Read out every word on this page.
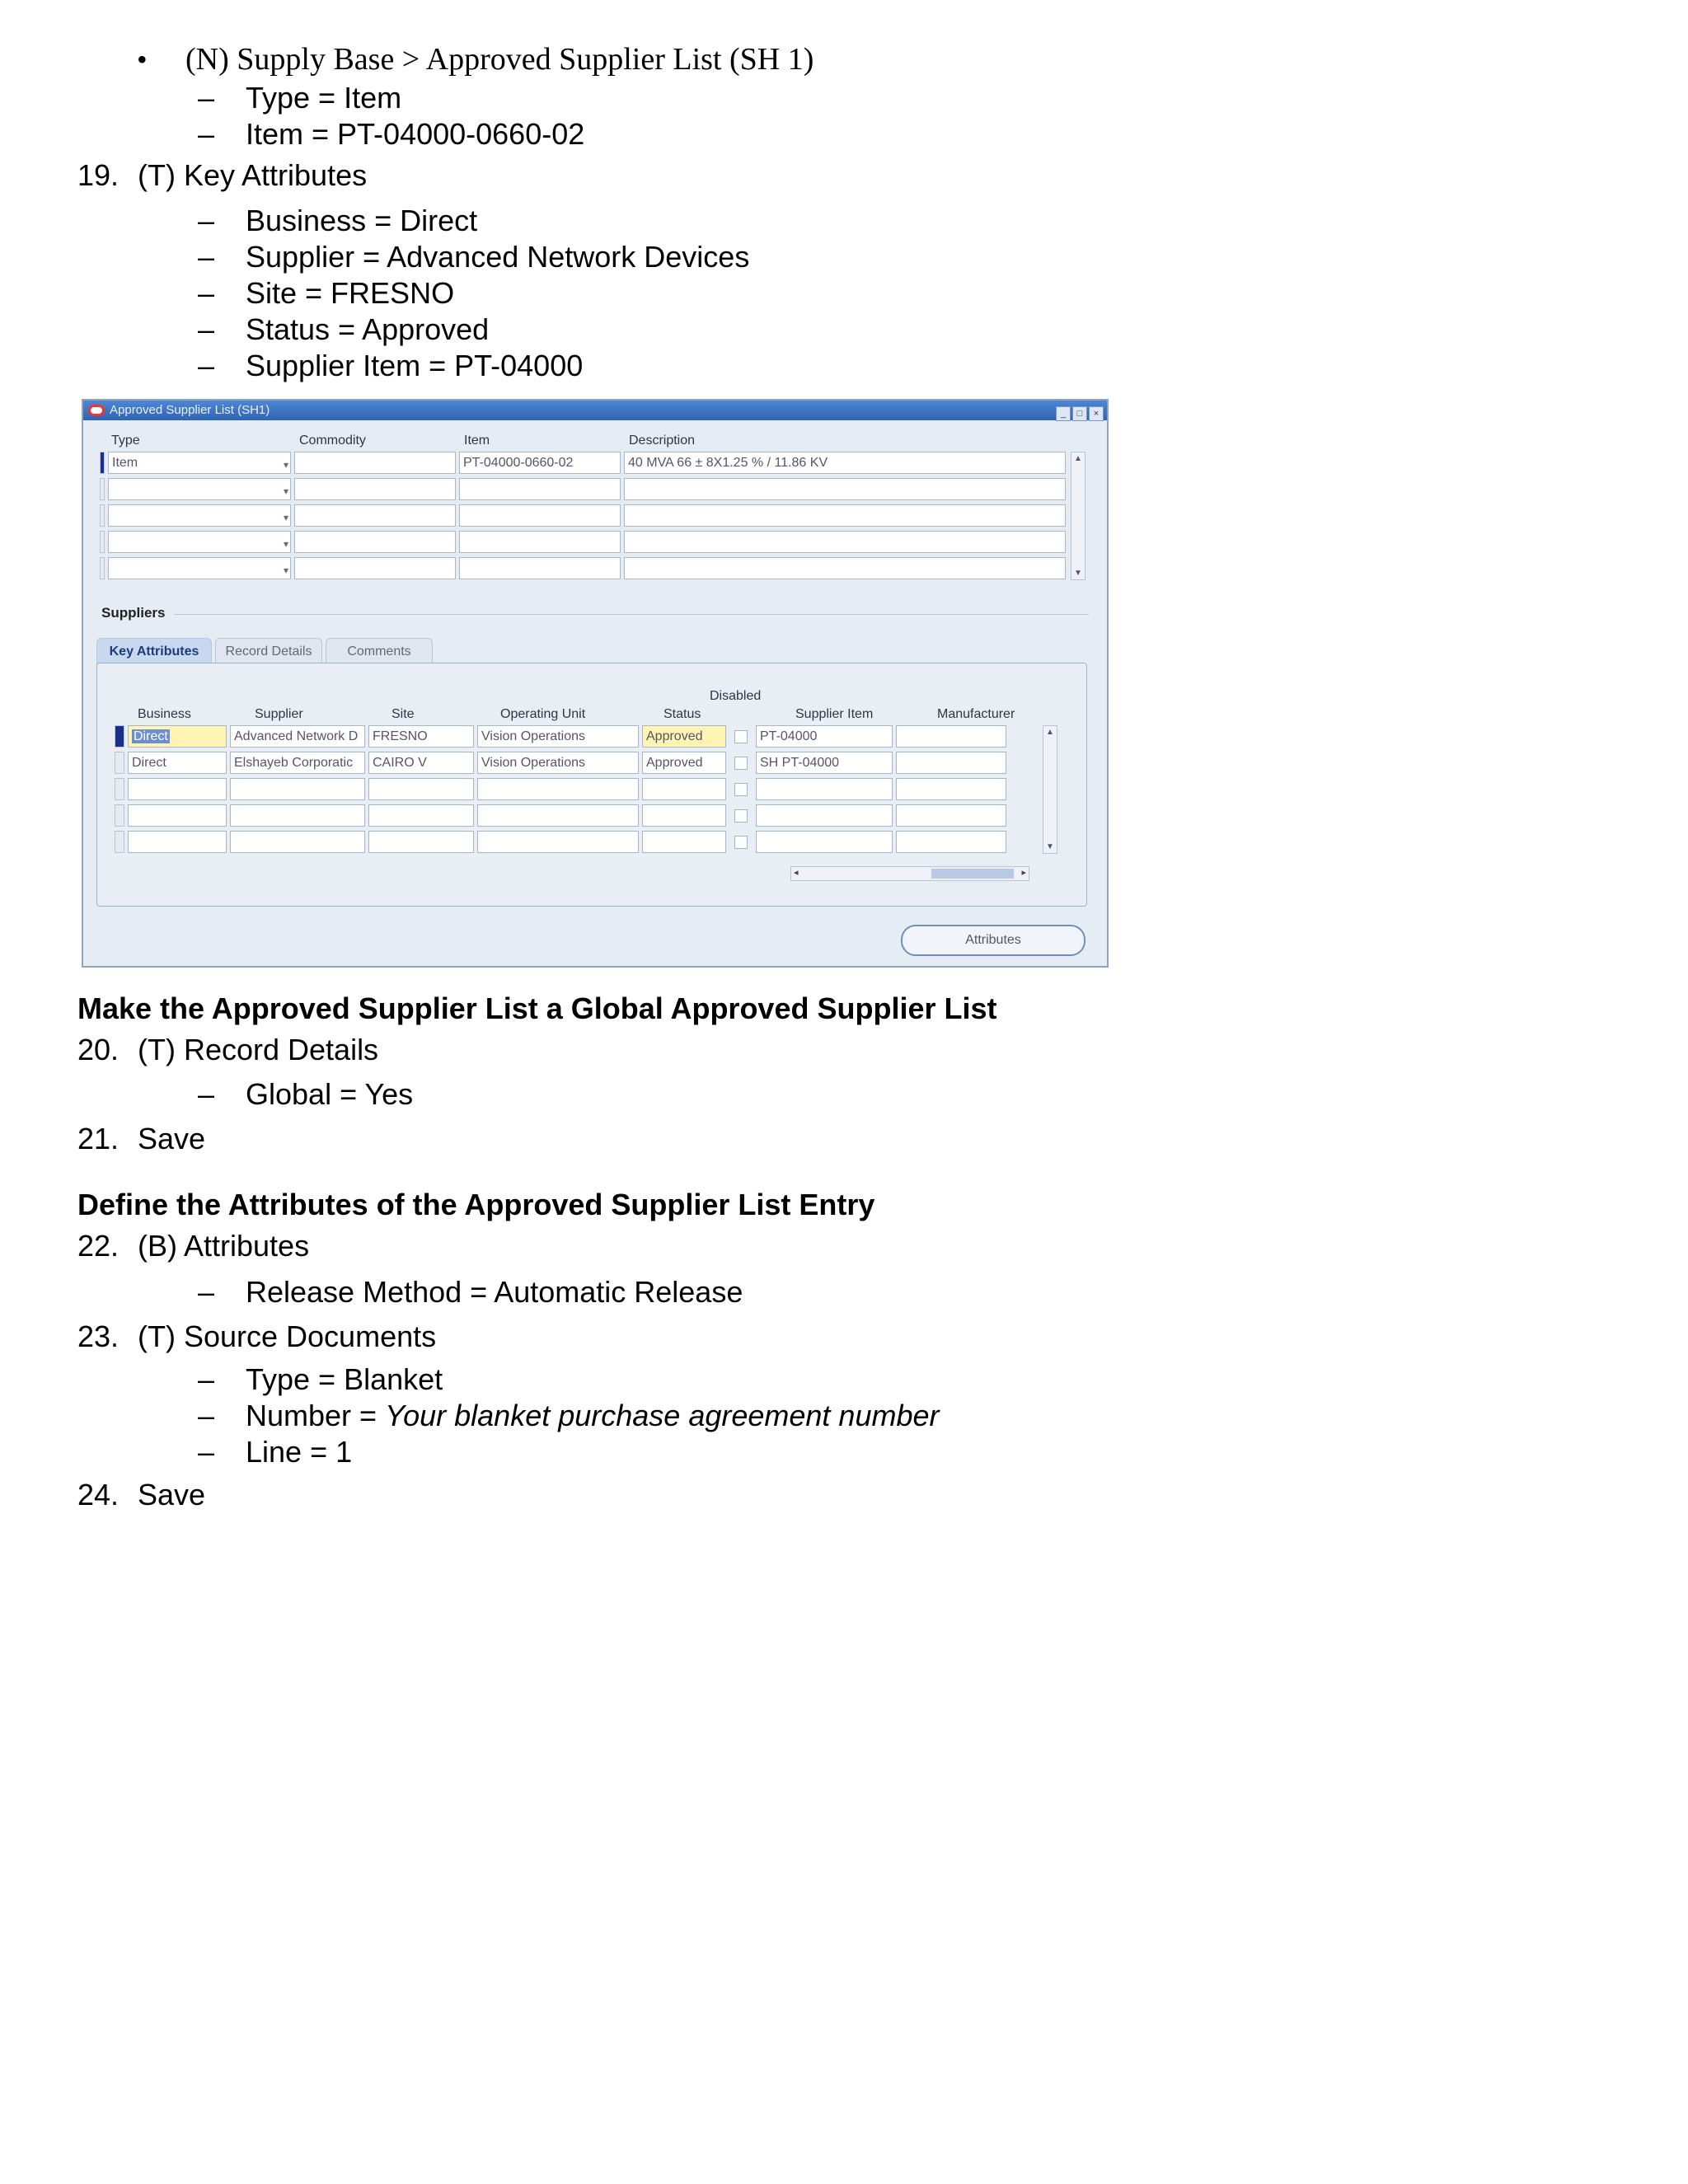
• (N) Supply Base > Approved Supplier List (SH 1)
– Type = Item
– Item = PT-04000-0660-02
19. (T) Key Attributes
– Business = Direct
– Supplier = Advanced Network Devices
– Site = FRESNO
– Status = Approved
– Supplier Item = PT-04000
Approved Supplier List (SH1)	_ □ ×
Type	Commodity	Item	Description
Item	▾	PT-04000-0660-02	40 MVA 66 ± 8X1.25 % / 11.86 KV
▾
▾
▾
▾
▲
▼
Suppliers
Key Attributes	Record Details	Comments
Disabled
Business	Supplier	Site	Operating Unit	Status	Supplier Item	Manufacturer
Direct	Advanced Network D	FRESNO	Vision Operations	Approved	PT-04000
Direct	Elshayeb Corporatic	CAIRO V	Vision Operations	Approved	SH PT-04000
▲
▼
◂	▸
Attributes
Make the Approved Supplier List a Global Approved Supplier List
20. (T) Record Details
– Global = Yes
21. Save
Define the Attributes of the Approved Supplier List Entry
22. (B) Attributes
– Release Method = Automatic Release
23. (T) Source Documents
– Type = Blanket
– Number = Your blanket purchase agreement number
– Line = 1
24. Save
